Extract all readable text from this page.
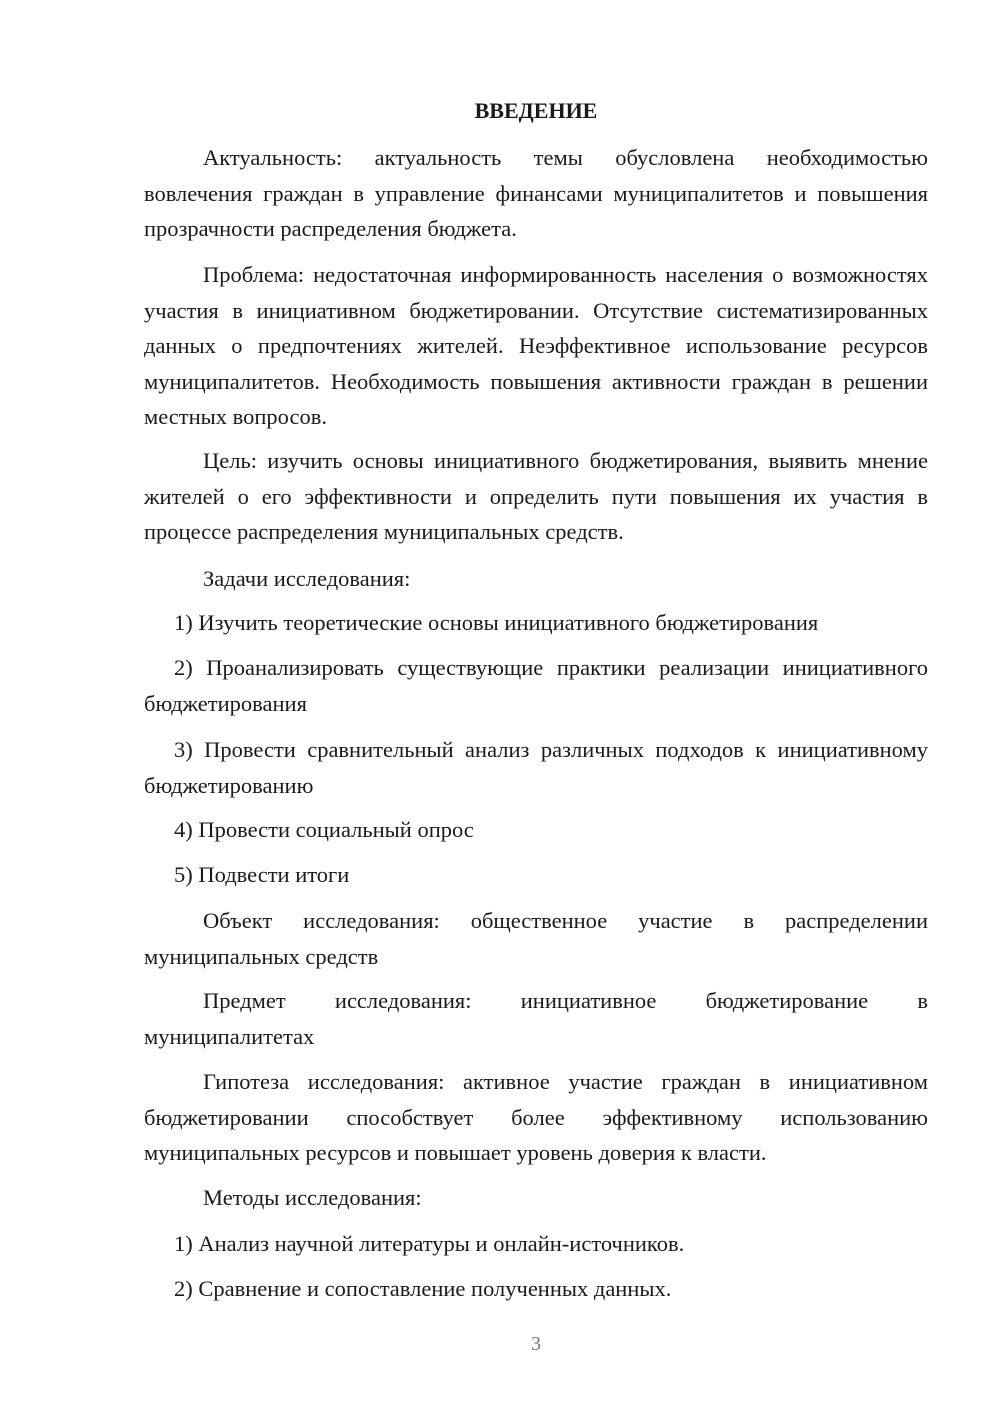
ВВЕДЕНИЕ

Актуальность: актуальность темы обусловлена необходимостью вовлечения граждан в управление финансами муниципалитетов и повышения прозрачности распределения бюджета.

Проблема: недостаточная информированность населения о возможностях участия в инициативном бюджетировании. Отсутствие систематизированных данных о предпочтениях жителей. Неэффективное использование ресурсов муниципалитетов. Необходимость повышения активности граждан в решении местных вопросов.

Цель: изучить основы инициативного бюджетирования, выявить мнение жителей о его эффективности и определить пути повышения их участия в процессе распределения муниципальных средств.

Задачи исследования:

1) Изучить теоретические основы инициативного бюджетирования

2) Проанализировать существующие практики реализации инициативного бюджетирования

3) Провести сравнительный анализ различных подходов к инициативному бюджетированию

4) Провести социальный опрос

5) Подвести итоги

Объект исследования: общественное участие в распределении муниципальных средств

Предмет исследования: инициативное бюджетирование в муниципалитетах

Гипотеза исследования: активное участие граждан в инициативном бюджетировании способствует более эффективному использованию муниципальных ресурсов и повышает уровень доверия к власти.

Методы исследования:

1) Анализ научной литературы и онлайн-источников.

2) Сравнение и сопоставление полученных данных.

3
